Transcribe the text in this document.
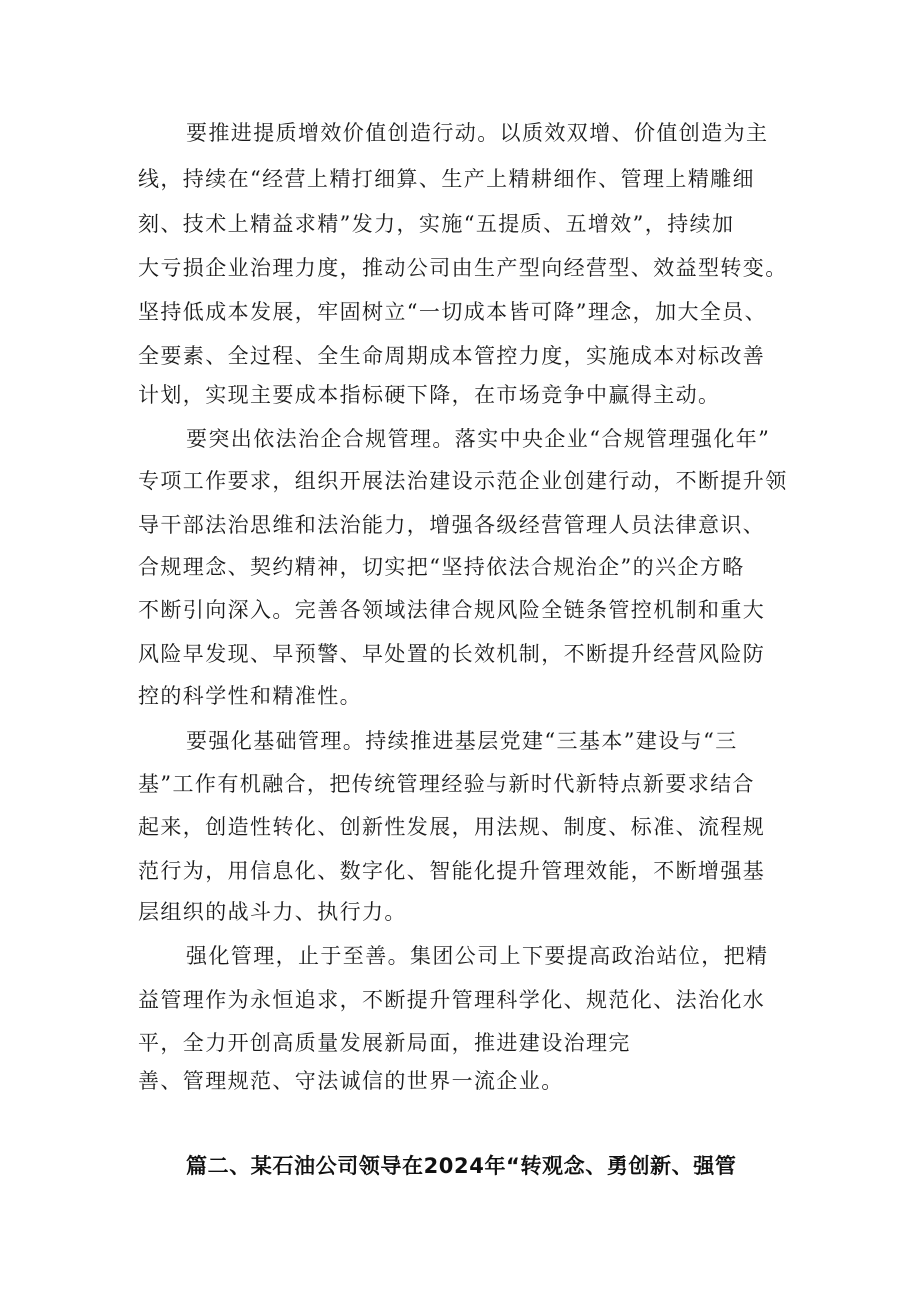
要推进提质增效价值创造行动。以质效双增、价值创造为主
线，持续在“经营上精打细算、生产上精耕细作、管理上精雕细
刻、技术上精益求精”发力，实施“五提质、五增效”，持续加
大亏损企业治理力度，推动公司由生产型向经营型、效益型转变。
坚持低成本发展，牢固树立“一切成本皆可降”理念，加大全员、
全要素、全过程、全生命周期成本管控力度，实施成本对标改善
计划，实现主要成本指标硬下降，在市场竞争中赢得主动。
要突出依法治企合规管理。落实中央企业“合规管理强化年”
专项工作要求，组织开展法治建设示范企业创建行动，不断提升领
导干部法治思维和法治能力，增强各级经营管理人员法律意识、
合规理念、契约精神，切实把“坚持依法合规治企”的兴企方略
不断引向深入。完善各领域法律合规风险全链条管控机制和重大
风险早发现、早预警、早处置的长效机制，不断提升经营风险防
控的科学性和精准性。
要强化基础管理。持续推进基层党建“三基本”建设与“三
基”工作有机融合，把传统管理经验与新时代新特点新要求结合
起来，创造性转化、创新性发展，用法规、制度、标准、流程规
范行为，用信息化、数字化、智能化提升管理效能，不断增强基
层组织的战斗力、执行力。
强化管理，止于至善。集团公司上下要提高政治站位，把精
益管理作为永恒追求，不断提升管理科学化、规范化、法治化水
平，全力开创高质量发展新局面，推进建设治理完
善、管理规范、守法诚信的世界一流企业。
篇二、某石油公司领导在2024年“转观念、勇创新、强管
